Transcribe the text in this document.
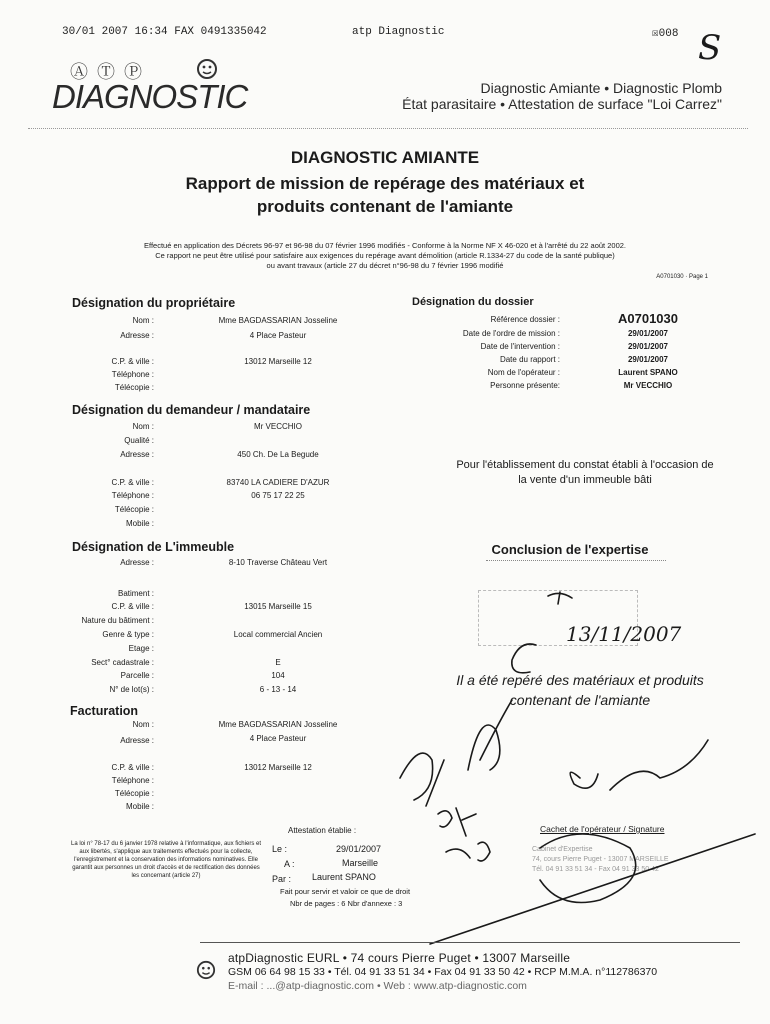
30/01 2007 16:34 FAX 0491335042	atp Diagnostic	☒008 S
Ⓐ Ⓣ Ⓟ
DIAGNOSTIC	Diagnostic Amiante • Diagnostic Plomb
État parasitaire • Attestation de surface "Loi Carrez"
DIAGNOSTIC AMIANTE
Rapport de mission de repérage des matériaux et
produits contenant de l'amiante
Effectué en application des Décrets 96-97 et 96-98 du 07 février 1996 modifiés - Conforme à la Norme NF X 46-020 et à l'arrêté du 22 août 2002.
Ce rapport ne peut être utilisé pour satisfaire aux exigences du repérage avant démolition (article R.1334-27 du code de la santé publique)
ou avant travaux (article 27 du décret n°96-98 du 7 février 1996 modifié
A0701030 · Page 1
Désignation du propriétaire
Nom :	Mme BAGDASSARIAN Josseline
Adresse :	4 Place Pasteur
C.P. & ville :	13012 Marseille 12
Téléphone :
Télécopie :
Désignation du demandeur / mandataire
Nom :	Mr VECCHIO
Qualité :
Adresse :	450 Ch. De La Begude
C.P. & ville :	83740 LA CADIERE D'AZUR
Téléphone :	06 75 17 22 25
Télécopie :
Mobile :
Désignation de L'immeuble
Adresse :	8-10 Traverse Château Vert
Batiment :
C.P. & ville :	13015 Marseille 15
Nature du bâtiment :
Genre & type :	Local commercial Ancien
Etage :
Sect° cadastrale :	E
Parcelle :	104
N° de lot(s) :	6 - 13 - 14
Facturation
Nom :	Mme BAGDASSARIAN Josseline
Adresse :	4 Place Pasteur
C.P. & ville :	13012 Marseille 12
Téléphone :
Télécopie :
Mobile :
Désignation du dossier
Référence dossier :	A0701030
Date de l'ordre de mission :	29/01/2007
Date de l'intervention :	29/01/2007
Date du rapport :	29/01/2007
Nom de l'opérateur :	Laurent SPANO
Personne présente:	Mr VECCHIO
Pour l'établissement du constat établi à l'occasion de
la vente d'un immeuble bâti
Conclusion de l'expertise
13/11/2007
Il a été repéré des matériaux et produits
contenant de l'amiante
La loi n° 78-17 du 6 janvier 1978 relative à l'informatique, aux fichiers et aux libertés, s'applique aux traitements effectués pour la collecte, l'enregistrement et la conservation des informations nominatives. Elle garantit aux personnes un droit d'accès et de rectification des données les concernant (article 27)
Attestation établie :
Le :	29/01/2007
A :	Marseille
Par : Laurent SPANO
Fait pour servir et valoir ce que de droit
Nbr de pages : 6 Nbr d'annexe : 3
Cachet de l'opérateur / Signature
Cabinet d'Expertise
74, cours Pierre Puget - 13007 MARSEILLE
Tél. 04 91 33 51 34 - Fax 04 91 33 50 42
atpDiagnostic EURL • 74 cours Pierre Puget • 13007 Marseille
GSM 06 64 98 15 33 • Tél. 04 91 33 51 34 • Fax 04 91 33 50 42 • RCP M.M.A. n°112786370
E-mail : ...@atp-diagnostic.com • Web : www.atp-diagnostic.com
